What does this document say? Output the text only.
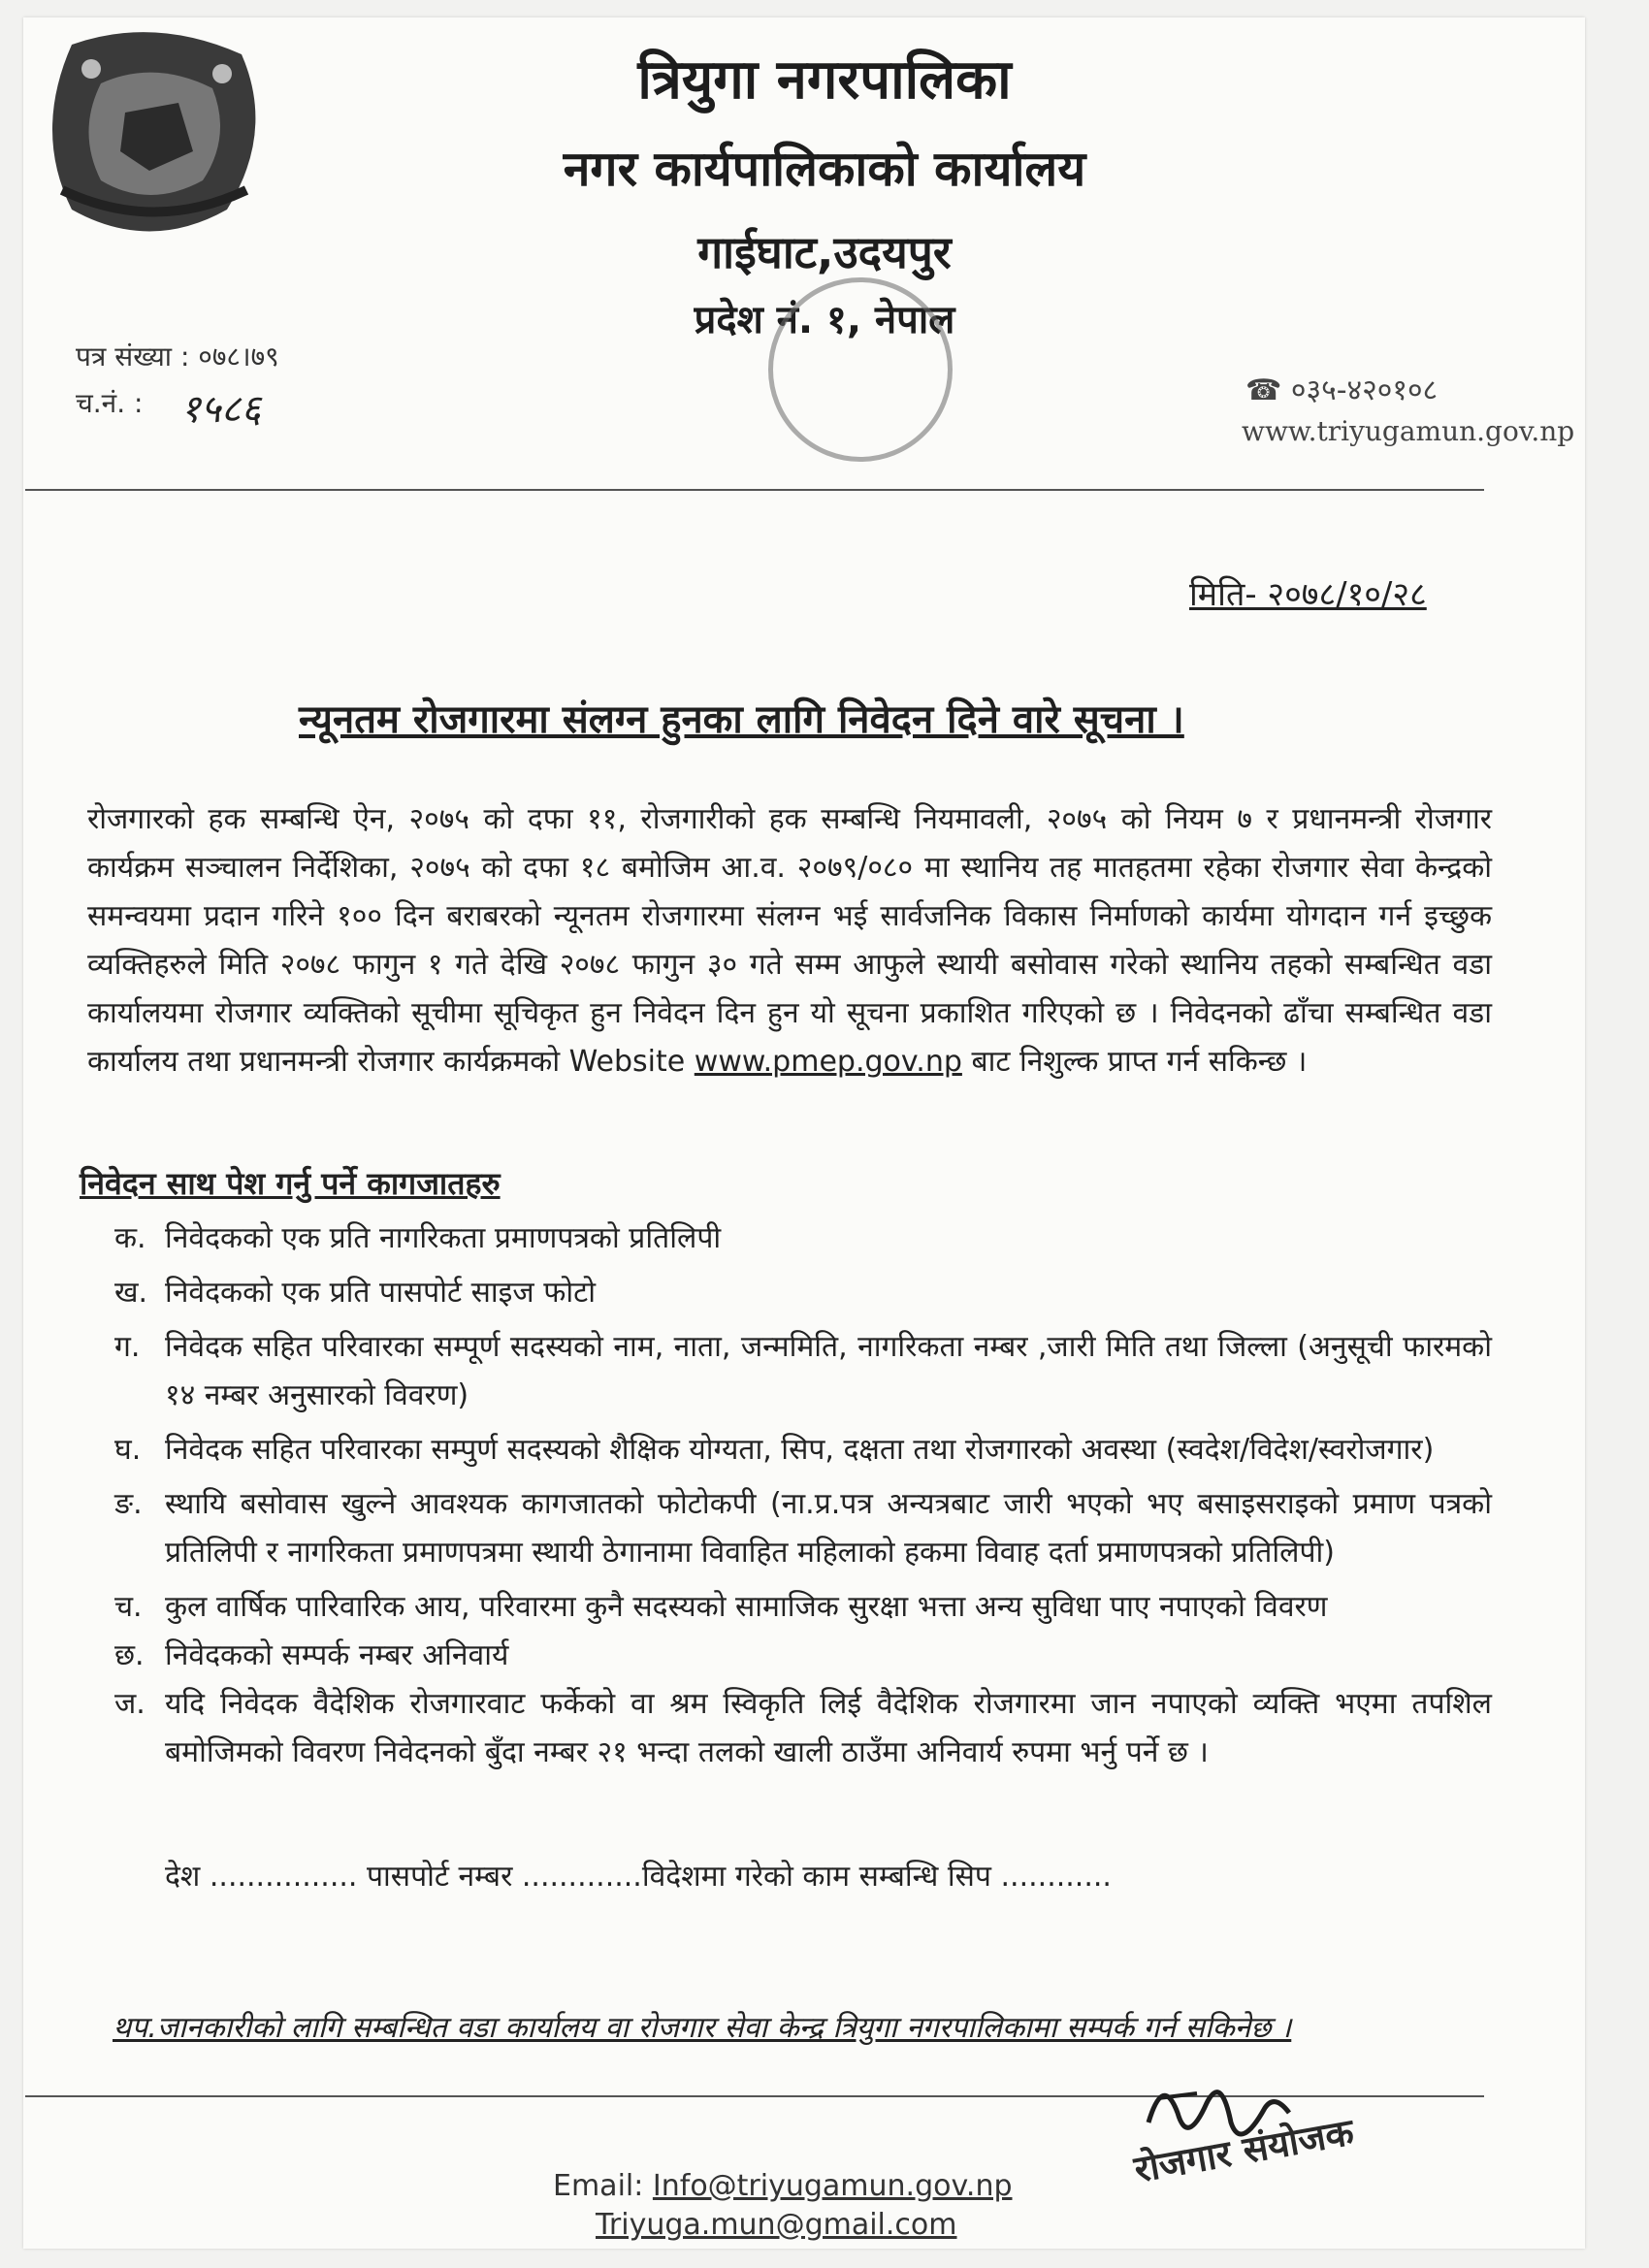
त्रियुगा नगरपालिका
नगर कार्यपालिकाको कार्यालय
गाईघाट,उदयपुर
प्रदेश नं. १, नेपाल
पत्र संख्या : ०७८।७९
च.नं. : १५८६	☎ ०३५-४२०१०८
www.triyugamun.gov.np
मिति- २०७८/१०/२८
न्यूनतम रोजगारमा संलग्न हुनका लागि निवेदन दिने वारे सूचना ।
रोजगारको हक सम्बन्धि ऐन, २०७५ को दफा ११, रोजगारीको हक सम्बन्धि नियमावली, २०७५ को नियम ७ र प्रधानमन्त्री रोजगार कार्यक्रम सञ्चालन निर्देशिका, २०७५ को दफा १८ बमोजिम आ.व. २०७९/०८० मा स्थानिय तह मातहतमा रहेका रोजगार सेवा केन्द्रको समन्वयमा प्रदान गरिने १०० दिन बराबरको न्यूनतम रोजगारमा संलग्न भई सार्वजनिक विकास निर्माणको कार्यमा योगदान गर्न इच्छुक व्यक्तिहरुले मिति २०७८ फागुन १ गते देखि २०७८ फागुन ३० गते सम्म आफुले स्थायी बसोवास गरेको स्थानिय तहको सम्बन्धित वडा कार्यालयमा रोजगार व्यक्तिको सूचीमा सूचिकृत हुन निवेदन दिन हुन यो सूचना प्रकाशित गरिएको छ । निवेदनको ढाँचा सम्बन्धित वडा कार्यालय तथा प्रधानमन्त्री रोजगार कार्यक्रमको Website www.pmep.gov.np बाट निशुल्क प्राप्त गर्न सकिन्छ ।
निवेदन साथ पेश गर्नु पर्ने कागजातहरु
क. निवेदकको एक प्रति नागरिकता प्रमाणपत्रको प्रतिलिपी
ख. निवेदकको एक प्रति पासपोर्ट साइज फोटो
ग. निवेदक सहित परिवारका सम्पूर्ण सदस्यको नाम, नाता, जन्ममिति, नागरिकता नम्बर ,जारी मिति तथा जिल्ला (अनुसूची फारमको १४ नम्बर अनुसारको विवरण)
घ. निवेदक सहित परिवारका सम्पुर्ण सदस्यको शैक्षिक योग्यता, सिप, दक्षता तथा रोजगारको अवस्था (स्वदेश/विदेश/स्वरोजगार)
ङ. स्थायि बसोवास खुल्ने आवश्यक कागजातको फोटोकपी (ना.प्र.पत्र अन्यत्रबाट जारी भएको भए बसाइसराइको प्रमाण पत्रको प्रतिलिपी र नागरिकता प्रमाणपत्रमा स्थायी ठेगानामा विवाहित महिलाको हकमा विवाह दर्ता प्रमाणपत्रको प्रतिलिपी)
च. कुल वार्षिक पारिवारिक आय, परिवारमा कुनै सदस्यको सामाजिक सुरक्षा भत्ता अन्य सुविधा पाए नपाएको विवरण
छ. निवेदकको सम्पर्क नम्बर अनिवार्य
ज. यदि निवेदक वैदेशिक रोजगारवाट फर्केको वा श्रम स्विकृति लिई वैदेशिक रोजगारमा जान नपाएको व्यक्ति भएमा तपशिल बमोजिमको विवरण निवेदनको बुँदा नम्बर २१ भन्दा तलको खाली ठाउँमा अनिवार्य रुपमा भर्नु पर्ने छ ।
देश ................ पासपोर्ट नम्बर .............विदेशमा गरेको काम सम्बन्धि सिप ............
थप.जानकारीको लागि सम्बन्धित वडा कार्यालय वा रोजगार सेवा केन्द्र त्रियुगा नगरपालिकामा सम्पर्क गर्न सकिनेछ ।
रोजगार संयोजक
Email: Info@triyugamun.gov.np
Triyuga.mun@gmail.com
